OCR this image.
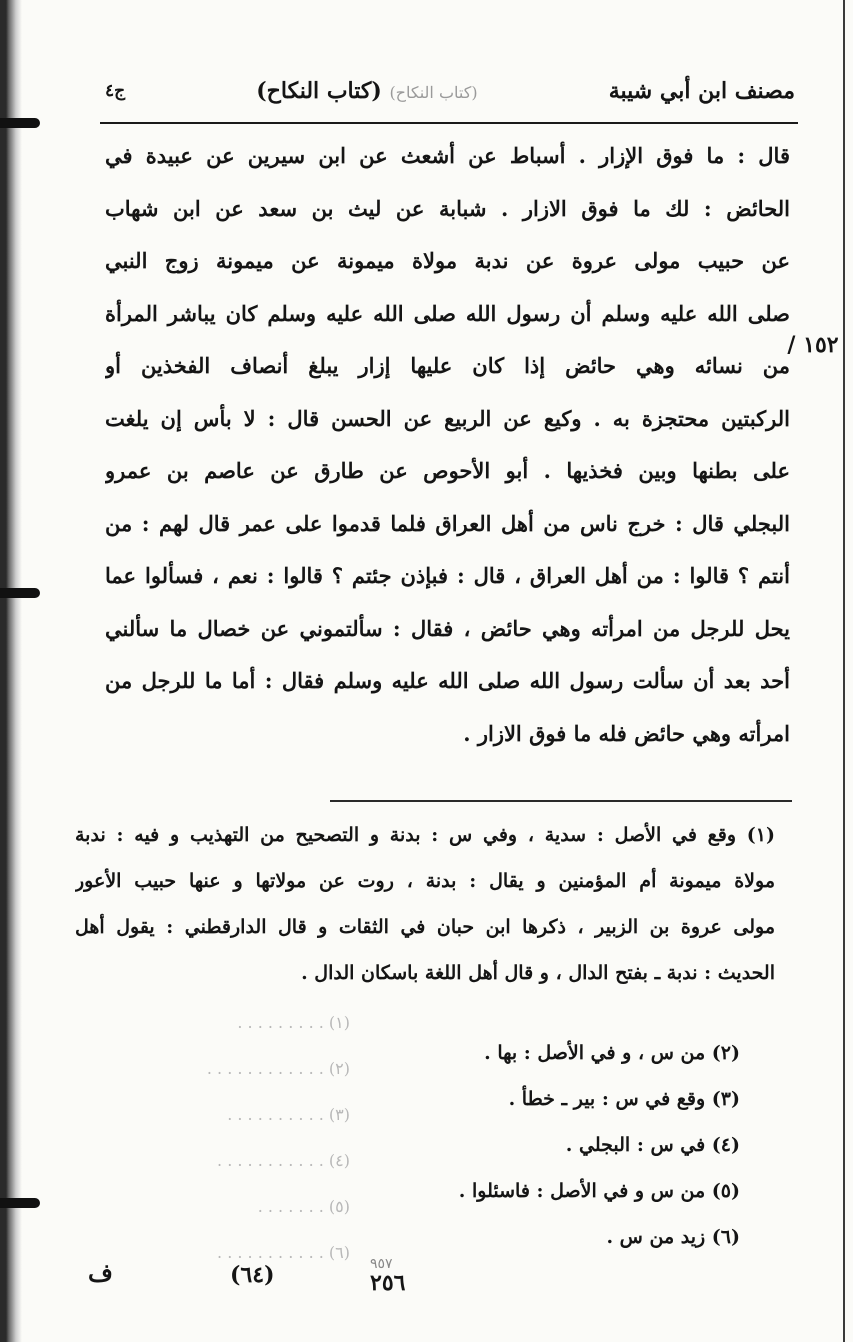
مصنف ابن أبي شيبة
(كتاب النكاح) (كتاب النكاح)
ج٤
١٥٢ /
قال : ما فوق الإزار . أسباط عن أشعث عن ابن سيرين عن عبيدة في
الحائض : لك ما فوق الازار . شبابة عن ليث بن سعد عن ابن شهاب
عن حبيب مولى عروة عن ندبة مولاة ميمونة عن ميمونة زوج النبي
صلى الله عليه وسلم أن رسول الله صلى الله عليه وسلم كان يباشر المرأة
من نسائه وهي حائض إذا كان عليها إزار يبلغ أنصاف الفخذين أو
الركبتين محتجزة به . وكيع عن الربيع عن الحسن قال : لا بأس إن يلغت
على بطنها وبين فخذيها . أبو الأحوص عن طارق عن عاصم بن عمرو
البجلي قال : خرج ناس من أهل العراق فلما قدموا على عمر قال لهم : من
أنتم ؟ قالوا : من أهل العراق ، قال : فبإذن جئتم ؟ قالوا : نعم ، فسألوا عما
يحل للرجل من امرأته وهي حائض ، فقال : سألتموني عن خصال ما سألني
أحد بعد أن سألت رسول الله صلى الله عليه وسلم فقال : أما ما للرجل من
امرأته وهي حائض فله ما فوق الازار .
(١) وقع في الأصل : سدية ، وفي س : بدنة و التصحيح من التهذيب و فيه : ندبة
مولاة ميمونة أم المؤمنين و يقال : بدنة ، روت عن مولاتها و عنها حبيب الأعور
مولى عروة بن الزبير ، ذكرها ابن حبان في الثقات و قال الدارقطني : يقول أهل
الحديث : ندبة ـ بفتح الدال ، و قال أهل اللغة باسكان الدال .
(١) . . . . . . . . .
(٢) . . . . . . . . . . . .
(٣) . . . . . . . . . .
(٤) . . . . . . . . . . .
(٥) . . . . . . .
(٦) . . . . . . . . . . .
(٢) من س ، و في الأصل : بها .
(٣) وقع في س : بير ـ خطأ .
(٤) في س : البجلي .
(٥) من س و في الأصل : فاسئلوا .
(٦) زيد من س .
ف	(٦٤)	٩٥٧
٢٥٦
